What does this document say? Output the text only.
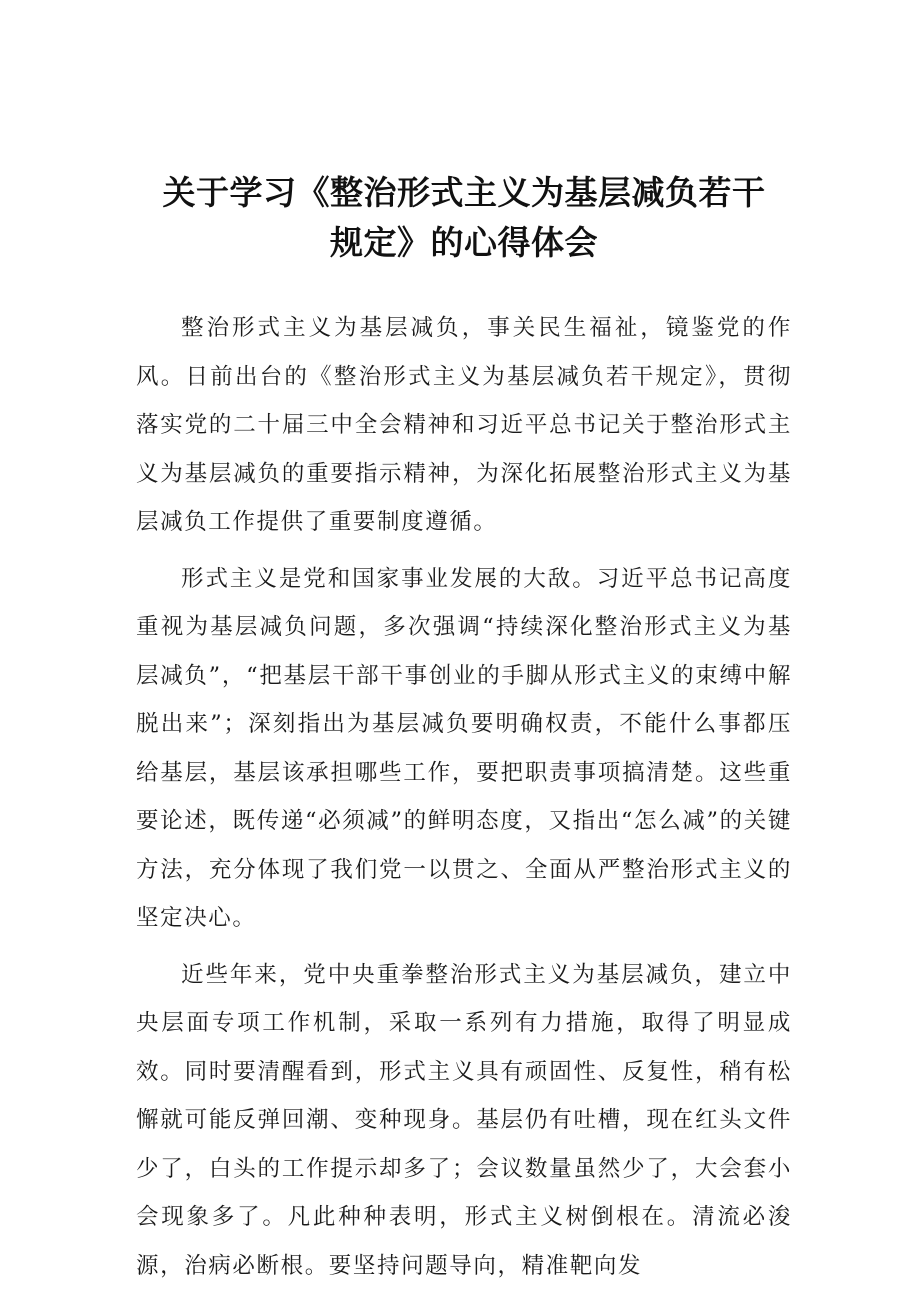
关于学习《整治形式主义为基层减负若干
规定》的心得体会

整治形式主义为基层减负，事关民生福祉，镜鉴党的作风。日前出台的《整治形式主义为基层减负若干规定》，贯彻落实党的二十届三中全会精神和习近平总书记关于整治形式主义为基层减负的重要指示精神，为深化拓展整治形式主义为基层减负工作提供了重要制度遵循。

形式主义是党和国家事业发展的大敌。习近平总书记高度重视为基层减负问题，多次强调“持续深化整治形式主义为基层减负”，“把基层干部干事创业的手脚从形式主义的束缚中解脱出来”；深刻指出为基层减负要明确权责，不能什么事都压给基层，基层该承担哪些工作，要把职责事项搞清楚。这些重要论述，既传递“必须减”的鲜明态度，又指出“怎么减”的关键方法，充分体现了我们党一以贯之、全面从严整治形式主义的坚定决心。

近些年来，党中央重拳整治形式主义为基层减负，建立中央层面专项工作机制，采取一系列有力措施，取得了明显成效。同时要清醒看到，形式主义具有顽固性、反复性，稍有松懈就可能反弹回潮、变种现身。基层仍有吐槽，现在红头文件少了，白头的工作提示却多了；会议数量虽然少了，大会套小会现象多了。凡此种种表明，形式主义树倒根在。清流必浚源，治病必断根。要坚持问题导向，精准靶向发
